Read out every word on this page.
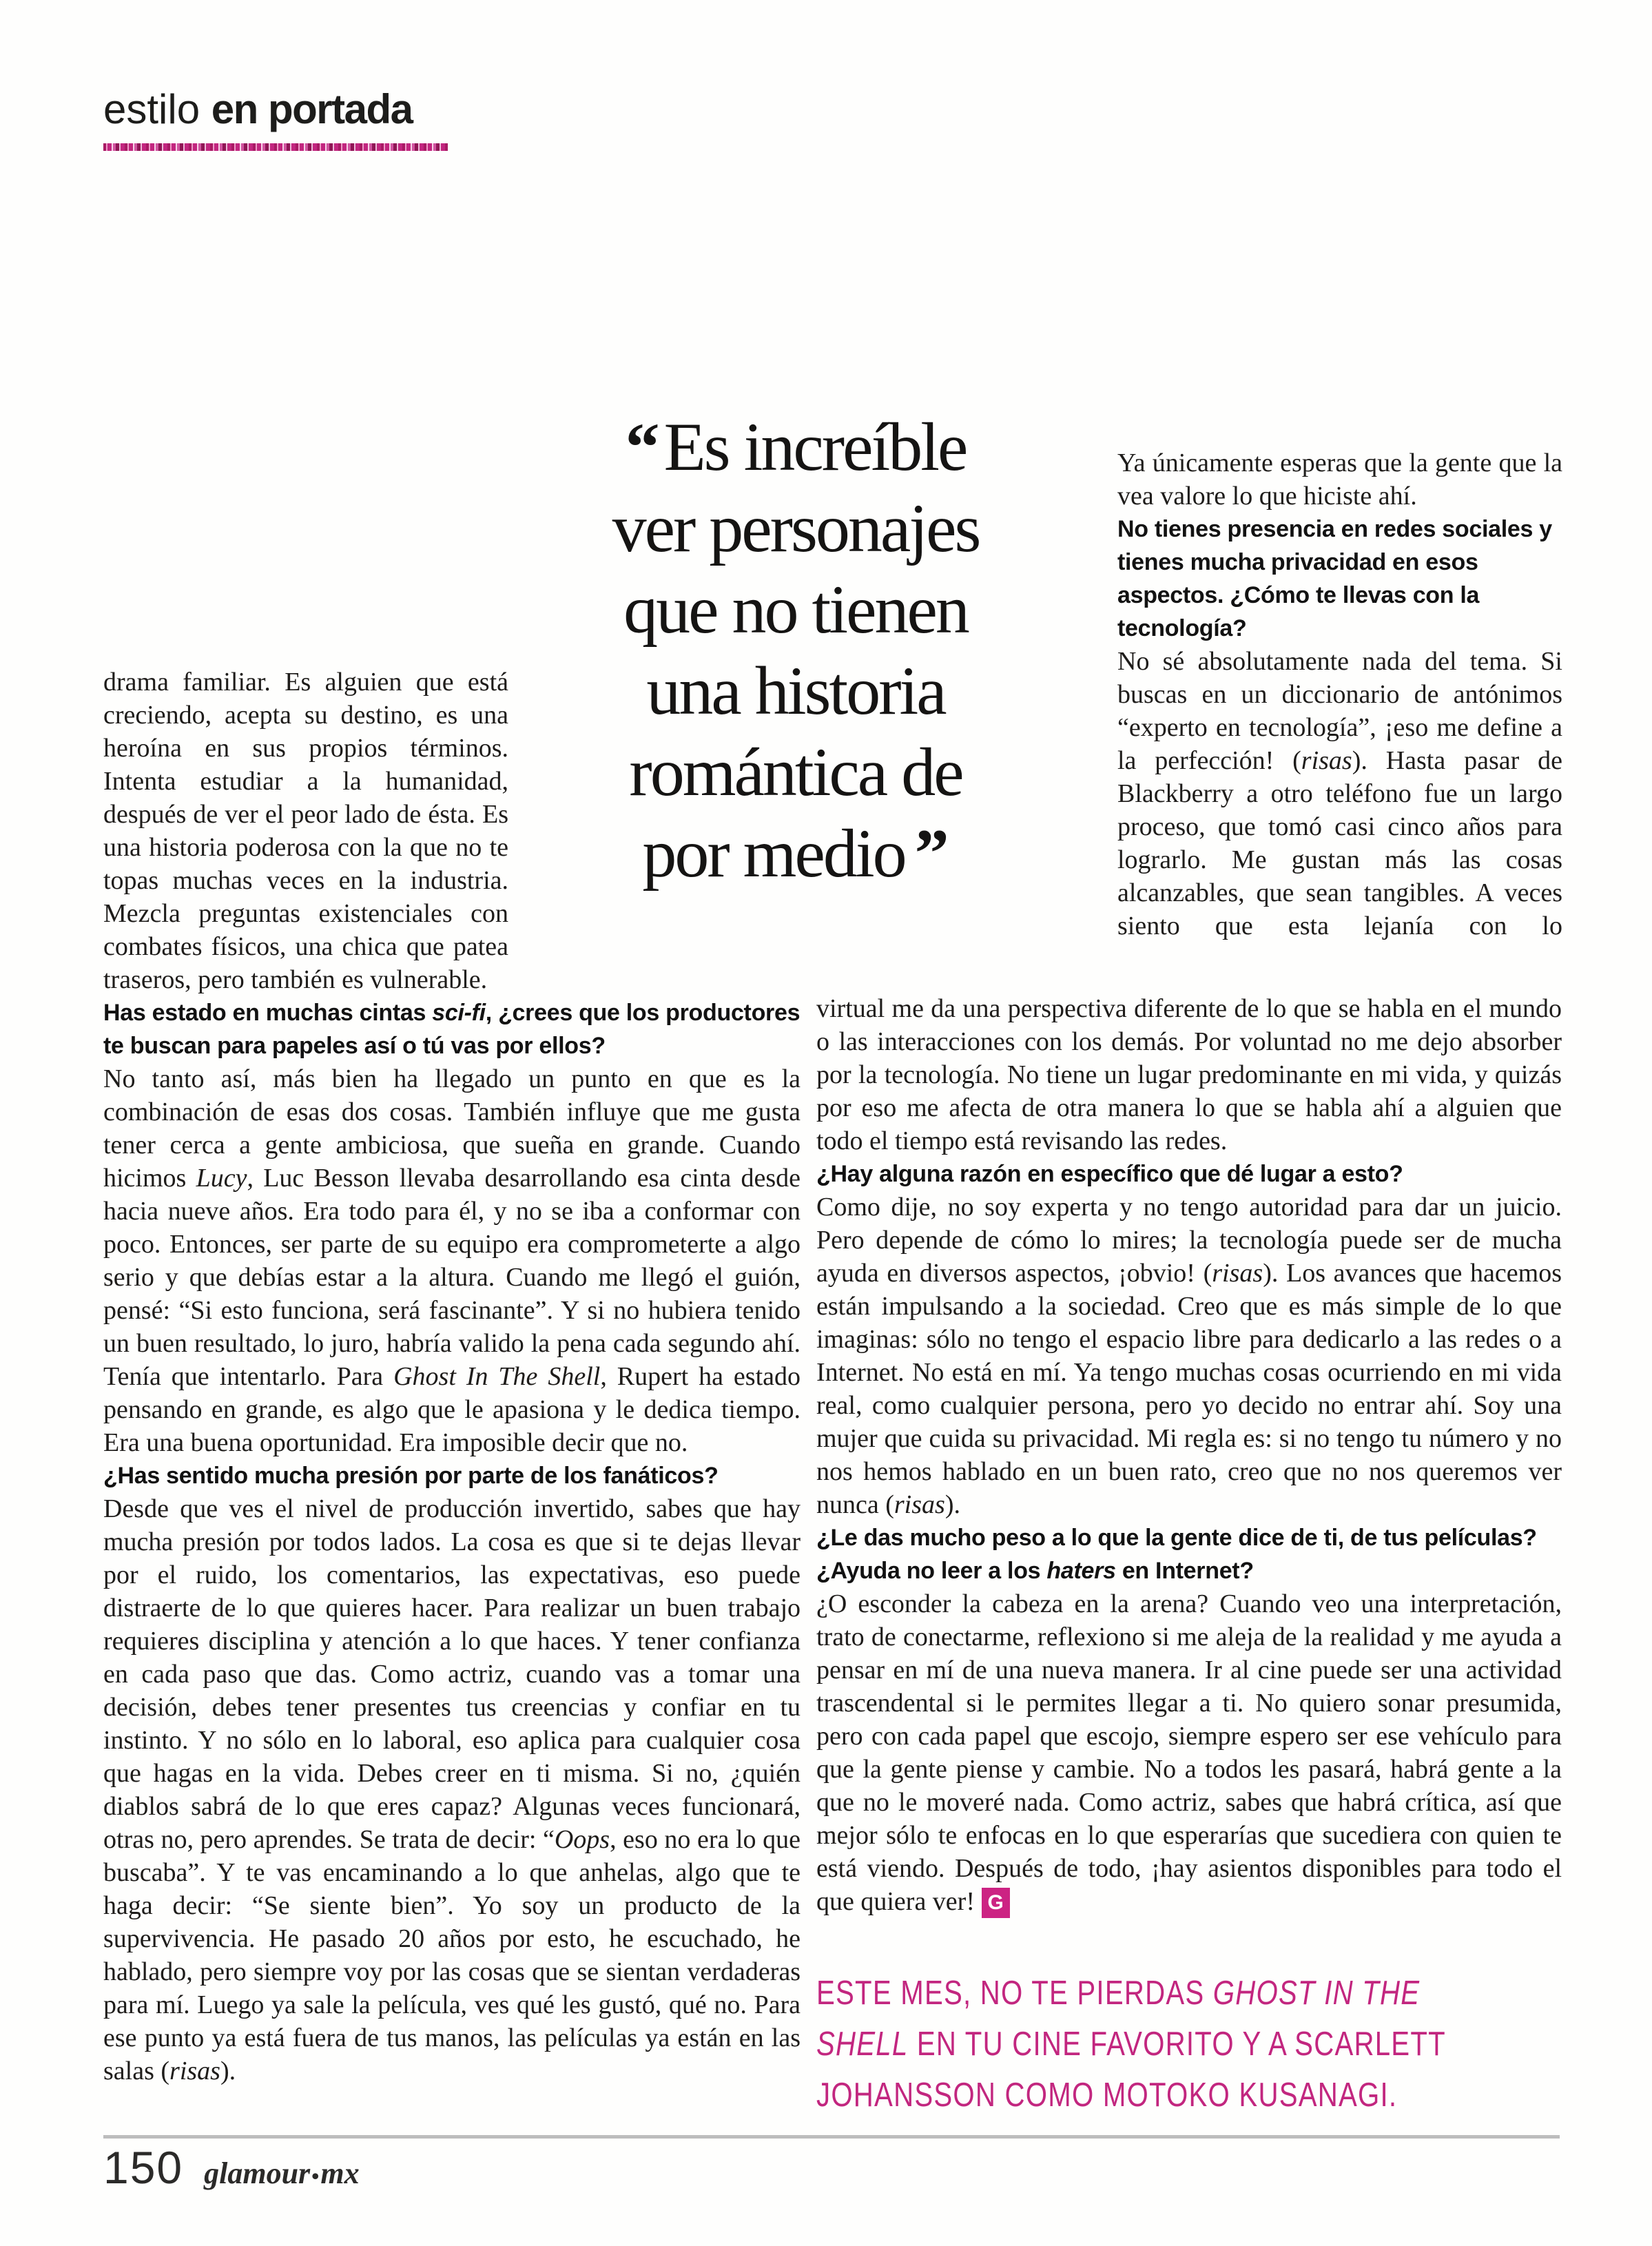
estilo en portada
“Es increíble
ver personajes
que no tienen
una historia
romántica de
por medio ”

drama familiar. Es alguien que está creciendo, acepta su destino, es una heroína en sus propios términos. Intenta estudiar a la humanidad, después de ver el peor lado de ésta. Es una historia poderosa con la que no te topas muchas veces en la industria. Mezcla preguntas existenciales con combates físicos, una chica que patea traseros, pero también es vulnerable.

Has estado en muchas cintas sci-fi, ¿crees que los productores te buscan para papeles así o tú vas por ellos?

No tanto así, más bien ha llegado un punto en que es la combinación de esas dos cosas. También influye que me gusta tener cerca a gente ambiciosa, que sueña en grande. Cuando hicimos Lucy, Luc Besson llevaba desarrollando esa cinta desde hacia nueve años. Era todo para él, y no se iba a conformar con poco. Entonces, ser parte de su equipo era comprometerte a algo serio y que debías estar a la altura. Cuando me llegó el guión, pensé: “Si esto funciona, será fascinante”. Y si no hubiera tenido un buen resultado, lo juro, habría valido la pena cada segundo ahí. Tenía que intentarlo. Para Ghost In The Shell, Rupert ha estado pensando en grande, es algo que le apasiona y le dedica tiempo. Era una buena oportunidad. Era imposible decir que no.

¿Has sentido mucha presión por parte de los fanáticos?

Desde que ves el nivel de producción invertido, sabes que hay mucha presión por todos lados. La cosa es que si te dejas llevar por el ruido, los comentarios, las expectativas, eso puede distraerte de lo que quieres hacer. Para realizar un buen trabajo requieres disciplina y atención a lo que haces. Y tener confianza en cada paso que das. Como actriz, cuando vas a tomar una decisión, debes tener presentes tus creencias y confiar en tu instinto. Y no sólo en lo laboral, eso aplica para cualquier cosa que hagas en la vida. Debes creer en ti misma. Si no, ¿quién diablos sabrá de lo que eres capaz? Algunas veces funcionará, otras no, pero aprendes. Se trata de decir: “Oops, eso no era lo que buscaba”. Y te vas encaminando a lo que anhelas, algo que te haga decir: “Se siente bien”. Yo soy un producto de la supervivencia. He pasado 20 años por esto, he escuchado, he hablado, pero siempre voy por las cosas que se sientan verdaderas para mí. Luego ya sale la película, ves qué les gustó, qué no. Para ese punto ya está fuera de tus manos, las películas ya están en las salas (risas).

Ya únicamente esperas que la gente que la vea valore lo que hiciste ahí.

No tienes presencia en redes sociales y tienes mucha privacidad en esos aspectos. ¿Cómo te llevas con la tecnología?

No sé absolutamente nada del tema. Si buscas en un diccionario de antónimos “experto en tecnología”, ¡eso me define a la perfección! (risas). Hasta pasar de Blackberry a otro teléfono fue un largo proceso, que tomó casi cinco años para lograrlo. Me gustan más las cosas alcanzables, que sean tangibles. A veces siento que esta lejanía con lo

virtual me da una perspectiva diferente de lo que se habla en el mundo o las interacciones con los demás. Por voluntad no me dejo absorber por la tecnología. No tiene un lugar predominante en mi vida, y quizás por eso me afecta de otra manera lo que se habla ahí a alguien que todo el tiempo está revisando las redes.

¿Hay alguna razón en específico que dé lugar a esto?

Como dije, no soy experta y no tengo autoridad para dar un juicio. Pero depende de cómo lo mires; la tecnología puede ser de mucha ayuda en diversos aspectos, ¡obvio! (risas). Los avances que hacemos están impulsando a la sociedad. Creo que es más simple de lo que imaginas: sólo no tengo el espacio libre para dedicarlo a las redes o a Internet. No está en mí. Ya tengo muchas cosas ocurriendo en mi vida real, como cualquier persona, pero yo decido no entrar ahí. Soy una mujer que cuida su privacidad. Mi regla es: si no tengo tu número y no nos hemos hablado en un buen rato, creo que no nos queremos ver nunca (risas).

¿Le das mucho peso a lo que la gente dice de ti, de tus películas? ¿Ayuda no leer a los haters en Internet?

¿O esconder la cabeza en la arena? Cuando veo una interpretación, trato de conectarme, reflexiono si me aleja de la realidad y me ayuda a pensar en mí de una nueva manera. Ir al cine puede ser una actividad trascendental si le permites llegar a ti. No quiero sonar presumida, pero con cada papel que escojo, siempre espero ser ese vehículo para que la gente piense y cambie. No a todos les pasará, habrá gente a la que no le moveré nada. Como actriz, sabes que habrá crítica, así que mejor sólo te enfocas en lo que esperarías que sucediera con quien te está viendo. Después de todo, ¡hay asientos disponibles para todo el que quiera ver! G

ESTE MES, NO TE PIERDAS GHOST IN THE
SHELL EN TU CINE FAVORITO Y A SCARLETT
JOHANSSON COMO MOTOKO KUSANAGI.
150 glamour•mx
